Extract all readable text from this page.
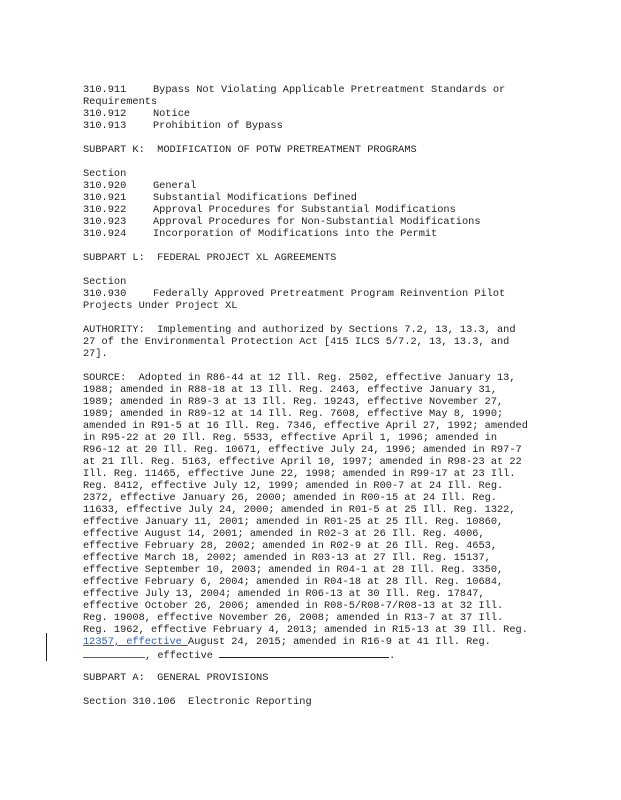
310.911	Bypass Not Violating Applicable Pretreatment Standards or
Requirements
310.912	Notice
310.913	Prohibition of Bypass
SUBPART K:  MODIFICATION OF POTW PRETREATMENT PROGRAMS
Section
310.920	General
310.921	Substantial Modifications Defined
310.922	Approval Procedures for Substantial Modifications
310.923	Approval Procedures for Non-Substantial Modifications
310.924	Incorporation of Modifications into the Permit
SUBPART L:  FEDERAL PROJECT XL AGREEMENTS
Section
310.930	Federally Approved Pretreatment Program Reinvention Pilot
Projects Under Project XL
AUTHORITY:  Implementing and authorized by Sections 7.2, 13, 13.3, and
27 of the Environmental Protection Act [415 ILCS 5/7.2, 13, 13.3, and
27].
SOURCE:  Adopted in R86-44 at 12 Ill. Reg. 2502, effective January 13,
1988; amended in R88-18 at 13 Ill. Reg. 2463, effective January 31,
1989; amended in R89-3 at 13 Ill. Reg. 19243, effective November 27,
1989; amended in R89-12 at 14 Ill. Reg. 7608, effective May 8, 1990;
amended in R91-5 at 16 Ill. Reg. 7346, effective April 27, 1992; amended
in R95-22 at 20 Ill. Reg. 5533, effective April 1, 1996; amended in
R96-12 at 20 Ill. Reg. 10671, effective July 24, 1996; amended in R97-7
at 21 Ill. Reg. 5163, effective April 10, 1997; amended in R98-23 at 22
Ill. Reg. 11465, effective June 22, 1998; amended in R99-17 at 23 Ill.
Reg. 8412, effective July 12, 1999; amended in R00-7 at 24 Ill. Reg.
2372, effective January 26, 2000; amended in R00-15 at 24 Ill. Reg.
11633, effective July 24, 2000; amended in R01-5 at 25 Ill. Reg. 1322,
effective January 11, 2001; amended in R01-25 at 25 Ill. Reg. 10860,
effective August 14, 2001; amended in R02-3 at 26 Ill. Reg. 4006,
effective February 28, 2002; amended in R02-9 at 26 Ill. Reg. 4653,
effective March 18, 2002; amended in R03-13 at 27 Ill. Reg. 15137,
effective September 10, 2003; amended in R04-1 at 28 Ill. Reg. 3350,
effective February 6, 2004; amended in R04-18 at 28 Ill. Reg. 10684,
effective July 13, 2004; amended in R06-13 at 30 Ill. Reg. 17847,
effective October 26, 2006; amended in R08-5/R08-7/R08-13 at 32 Ill.
Reg. 19008, effective November 26, 2008; amended in R13-7 at 37 Ill.
Reg. 1962, effective February 4, 2013; amended in R15-13 at 39 Ill. Reg.
12357, effective August 24, 2015; amended in R16-9 at 41 Ill. Reg.
, effective	.
SUBPART A:  GENERAL PROVISIONS
Section 310.106  Electronic Reporting
